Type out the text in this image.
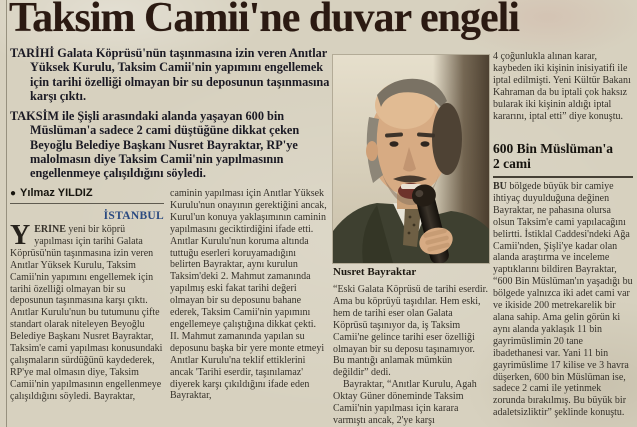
Taksim Camii'ne duvar engeli

TARİHİ Galata Köprüsü'nün taşınmasına izin veren Anıtlar Yüksek Kurulu, Taksim Camii'nin yapımını engellemek için tarihi özelliği olmayan bir su deposunun taşınmasına karşı çıktı.

TAKSİM ile Şişli arasındaki alanda yaşayan 600 bin Müslüman'a sadece 2 cami düştüğüne dikkat çeken Beyoğlu Belediye Başkanı Nusret Bayraktar, RP'ye malolmasın diye Taksim Camii'nin yapılmasının engellenmeye çalışıldığını söyledi.

● Yılmaz YILDIZ
İSTANBUL
Y ERİNE yeni bir köprü yapılması için tarihi Galata Köprüsü'nün taşınmasına izin veren Anıtlar Yüksek Kurulu, Taksim Camii'nin yapımını engellemek için tarihi özelliği olmayan bir su deposunun taşınmasına karşı çıktı. Anıtlar Kurulu'nun bu tutumunu çifte standart olarak niteleyen Beyoğlu Belediye Başkanı Nusret Bayraktar, Taksim'e cami yapılması konusundaki çalışmaların sürdüğünü kaydederek, RP'ye mal olmasın diye, Taksim Camii'nin yapılmasının engellenmeye çalışıldığını söyledi. Bayraktar,

caminin yapılması için Anıtlar Yüksek Kurulu'nun onayının gerektiğini ancak, Kurul'un konuya yaklaşımının caminin yapılmasını geciktirdiğini ifade etti. Anıtlar Kurulu'nun koruma altında tuttuğu eserleri koruyamadığını belirten Bayraktar, aynı kurulun Taksim'deki 2. Mahmut zamanında yapılmış eski fakat tarihi değeri olmayan bir su deposunu bahane ederek, Taksim Camii'nin yapımını engellemeye çalıştığına dikkat çekti. II. Mahmut zamanında yapılan su deposunu başka bir yere monte etmeyi Anıtlar Kurulu'na teklif ettiklerini ancak 'Tarihi eserdir, taşınılamaz' diyerek karşı çıkıldığını ifade eden Bayraktar,

Nusret Bayraktar

“Eski Galata Köprüsü de tarihi eserdir. Ama bu köprüyü taşıdılar. Hem eski, hem de tarihi eser olan Galata Köprüsü taşınıyor da, iş Taksim Camii'ne gelince tarihi eser özelliği olmayan bir su deposu taşınamıyor. Bu mantığı anlamak mümkün değildir” dedi.

Bayraktar, “Anıtlar Kurulu, Agah Oktay Güner döneminde Taksim Camii'nin yapılması için karara varmıştı ancak, 2'ye karşı

4 çoğunlukla alınan karar, kaybeden iki kişinin inisiyatifi ile iptal edilmişti. Yeni Kültür Bakanı Kahraman da bu iptali çok haksız bularak iki kişinin aldığı iptal kararını, iptal etti” diye konuştu.

600 Bin Müslüman'a
2 cami
BU bölgede büyük bir camiye ihtiyaç duyulduğuna değinen Bayraktar, ne pahasına olursa olsun Taksim'e cami yapılacağını belirtti. İstiklal Caddesi'ndeki Ağa Camii'nden, Şişli'ye kadar olan alanda araştırma ve inceleme yaptıklarını bildiren Bayraktar, “600 Bin Müslüman'ın yaşadığı bu bölgede yalnızca iki adet cami var ve ikiside 200 metrekarelik bir alana sahip. Ama gelin görün ki aynı alanda yaklaşık 11 bin gayrimüslimin 20 tane ibadethanesi var. Yani 11 bin gayrimüslime 17 kilise ve 3 havra düşerken, 600 bin Müslüman ise, sadece 2 cami ile yetinmek zorunda bırakılmış. Bu büyük bir adaletsizliktir” şeklinde konuştu.
